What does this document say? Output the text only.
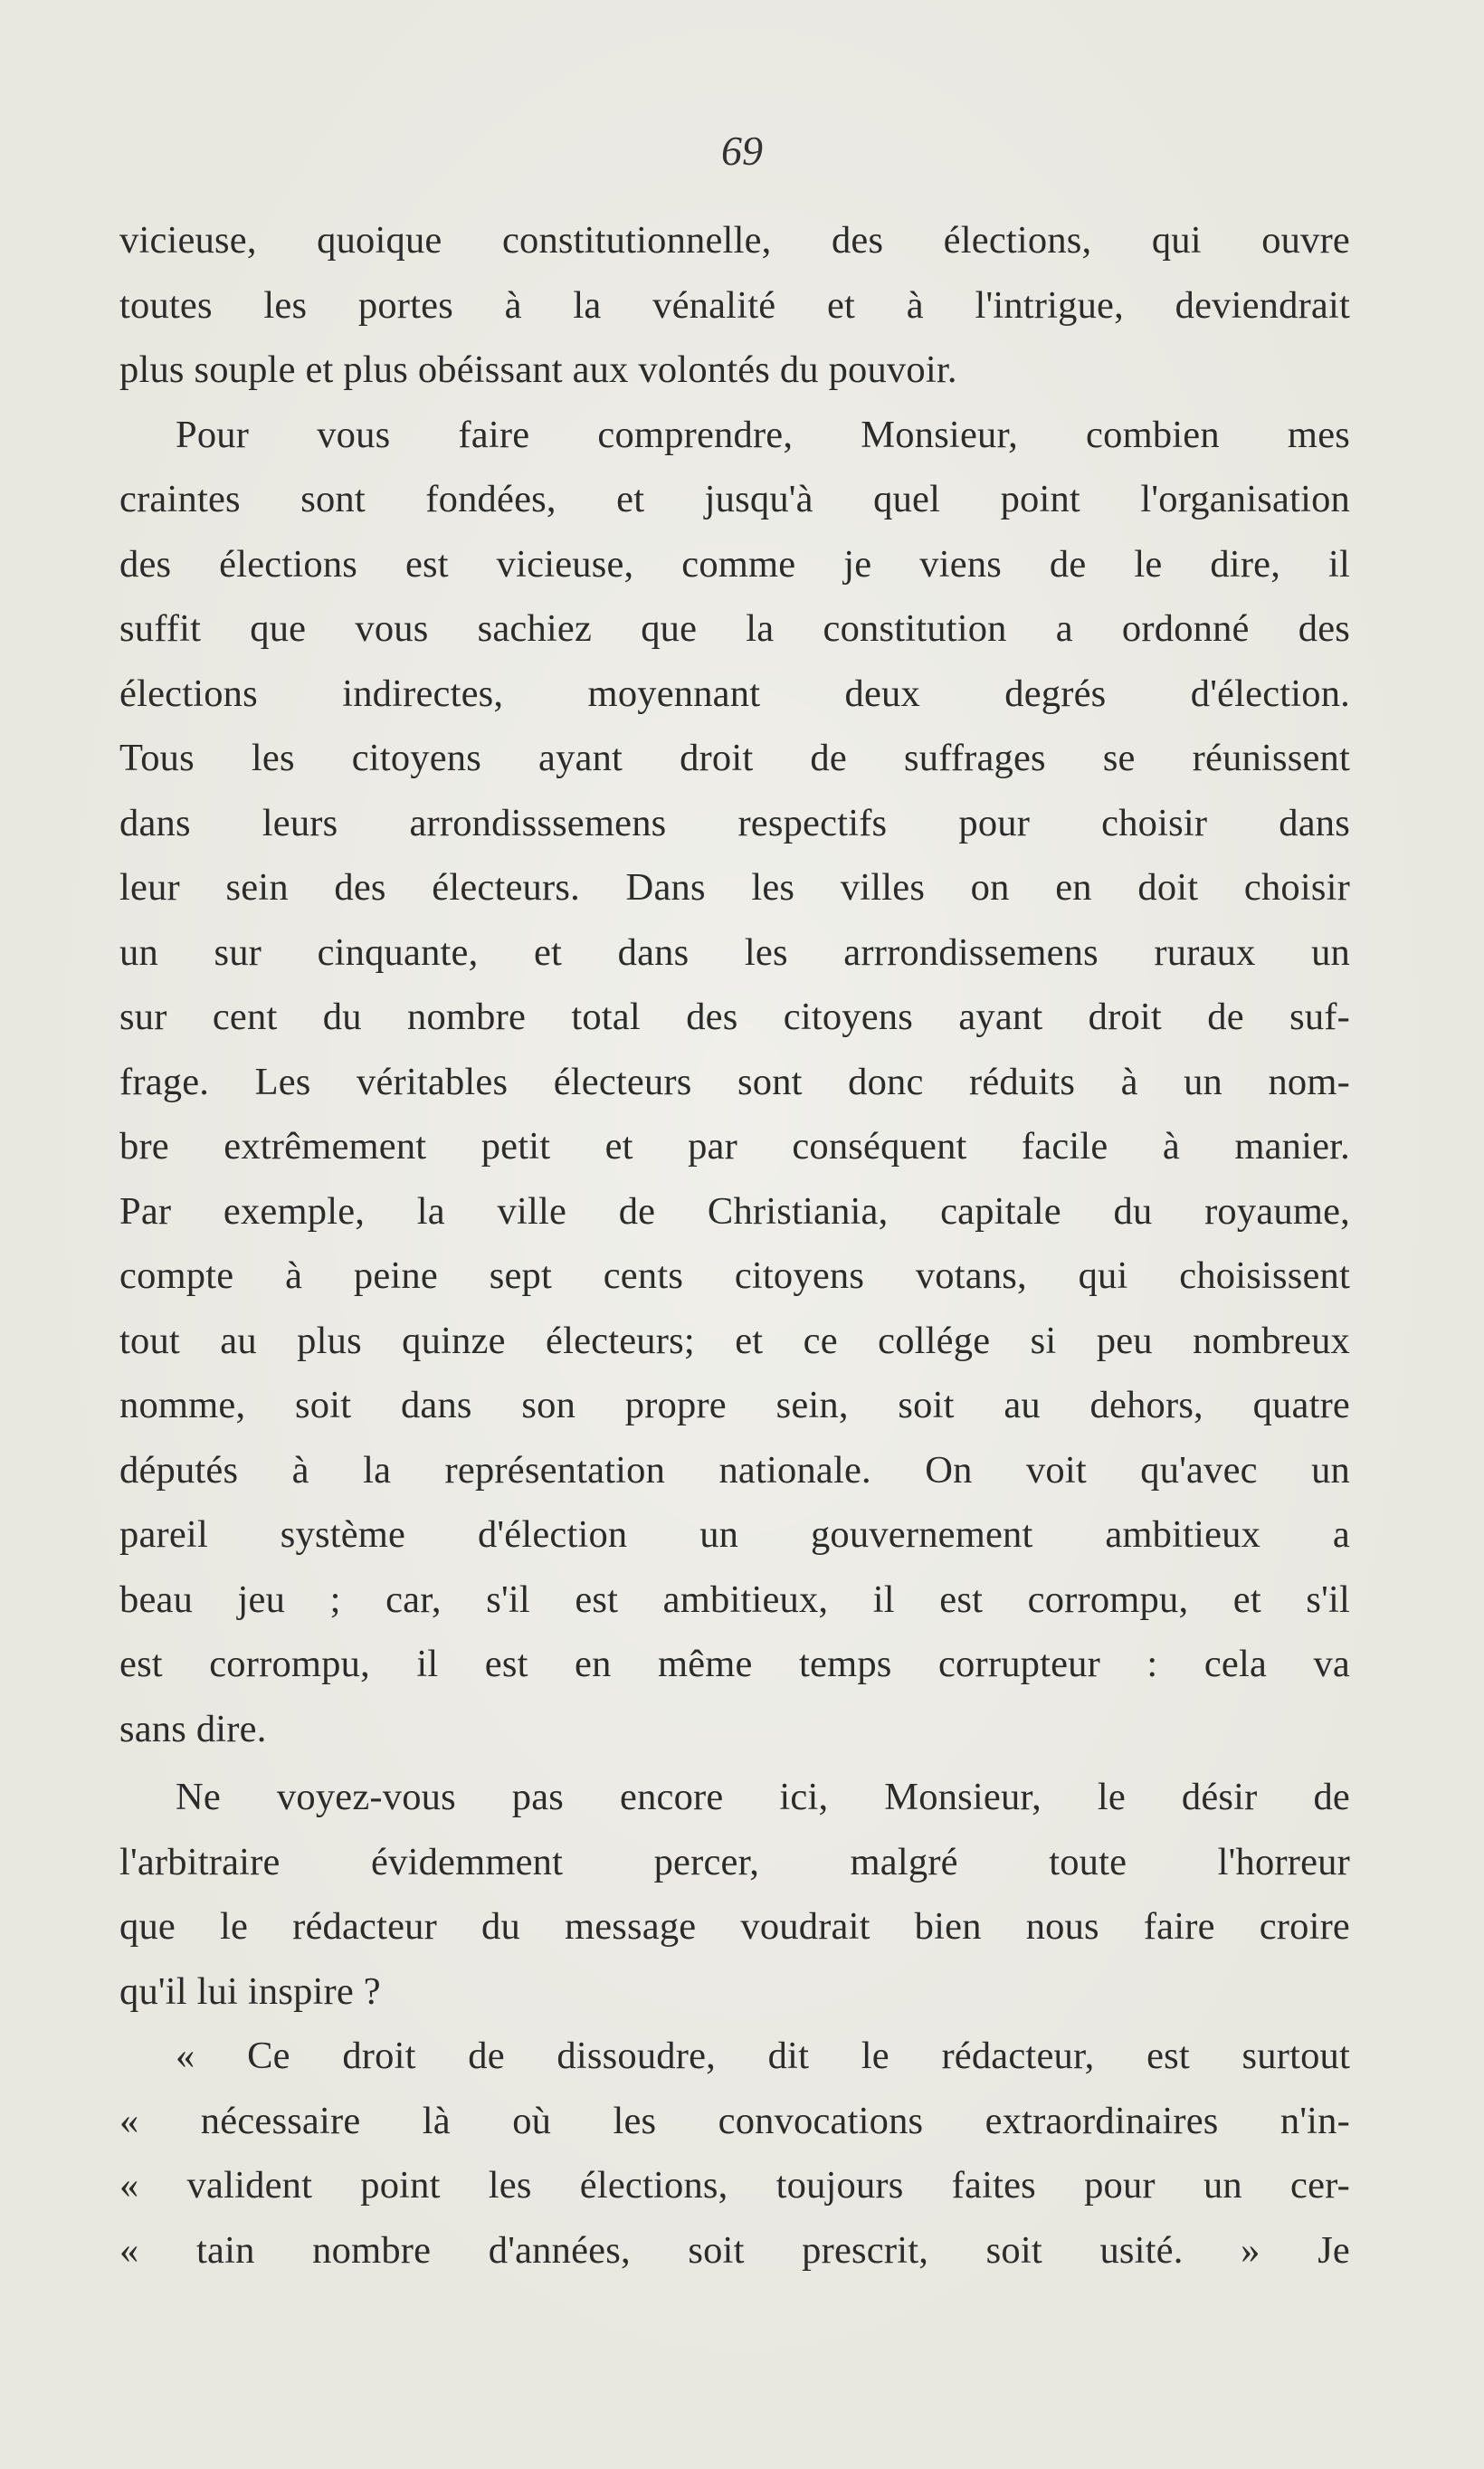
69
vicieuse, quoique constitutionnelle, des élections, qui ouvre
toutes les portes à la vénalité et à l'intrigue, deviendrait
plus souple et plus obéissant aux volontés du pouvoir.
Pour vous faire comprendre, Monsieur, combien mes
craintes sont fondées, et jusqu'à quel point l'organisation
des élections est vicieuse, comme je viens de le dire, il
suffit que vous sachiez que la constitution a ordonné des
élections indirectes, moyennant deux degrés d'élection.
Tous les citoyens ayant droit de suffrages se réunissent
dans leurs arrondisssemens respectifs pour choisir dans
leur sein des électeurs. Dans les villes on en doit choisir
un sur cinquante, et dans les arrrondissemens ruraux un
sur cent du nombre total des citoyens ayant droit de suf-
frage. Les véritables électeurs sont donc réduits à un nom-
bre extrêmement petit et par conséquent facile à manier.
Par exemple, la ville de Christiania, capitale du royaume,
compte à peine sept cents citoyens votans, qui choisissent
tout au plus quinze électeurs; et ce collége si peu nombreux
nomme, soit dans son propre sein, soit au dehors, quatre
députés à la représentation nationale. On voit qu'avec un
pareil système d'élection un gouvernement ambitieux a
beau jeu ; car, s'il est ambitieux, il est corrompu, et s'il
est corrompu, il est en même temps corrupteur : cela va
sans dire.
Ne voyez-vous pas encore ici, Monsieur, le désir de
l'arbitraire évidemment percer, malgré toute l'horreur
que le rédacteur du message voudrait bien nous faire croire
qu'il lui inspire ?
« Ce droit de dissoudre, dit le rédacteur, est surtout
« nécessaire là où les convocations extraordinaires n'in-
« valident point les élections, toujours faites pour un cer-
« tain nombre d'années, soit prescrit, soit usité. » Je
